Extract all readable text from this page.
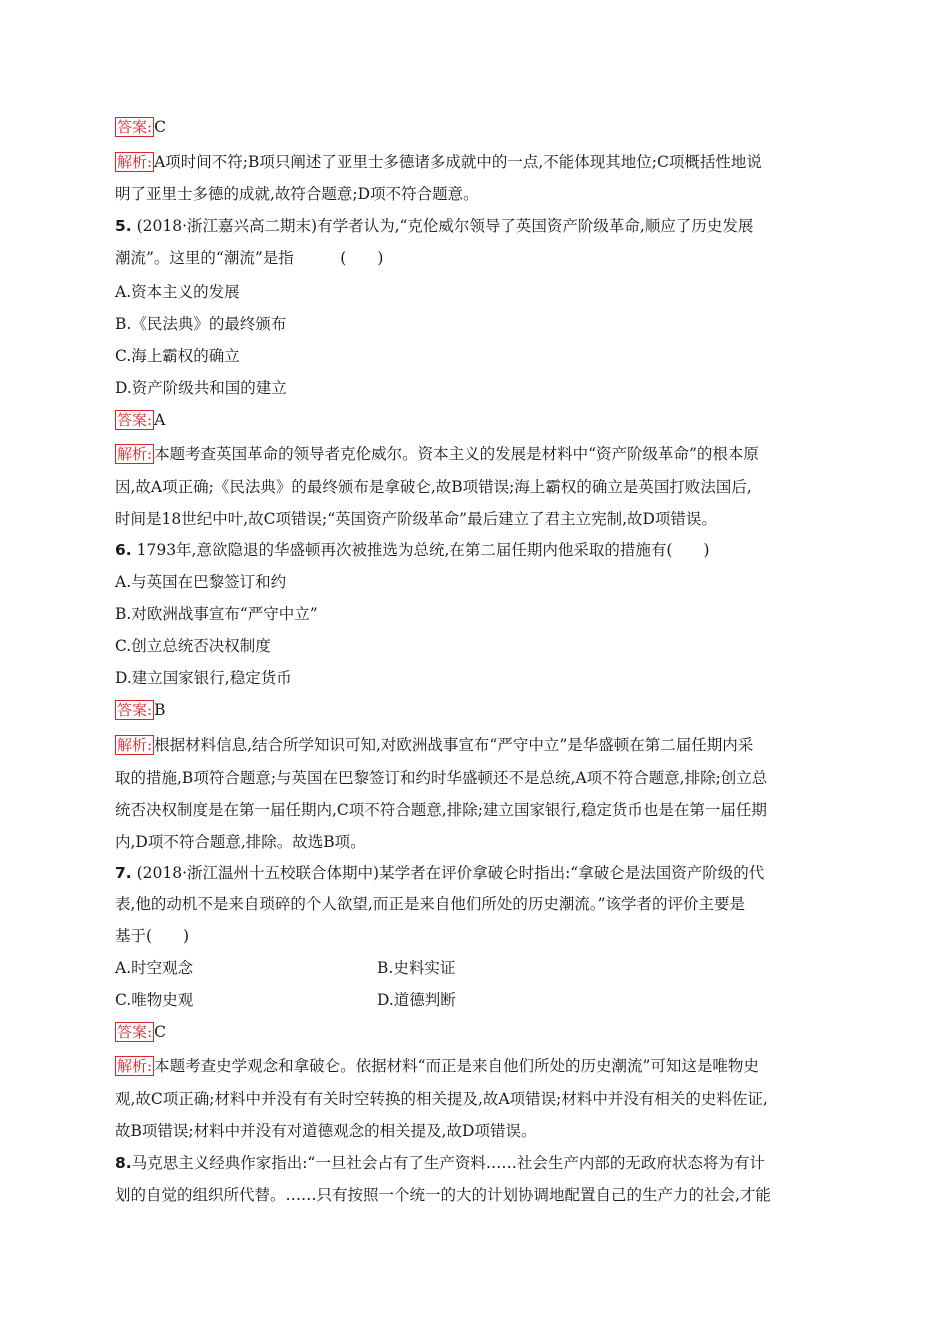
答案: C
解析: A项时间不符;B项只阐述了亚里士多德诸多成就中的一点,不能体现其地位;C项概括性地说
明了亚里士多德的成就,故符合题意;D项不符合题意。
5. (2018·浙江嘉兴高二期末)有学者认为,“克伦威尔领导了英国资产阶级革命,顺应了历史发展
潮流”。这里的“潮流”是指　　　(　　)
A.资本主义的发展
B.《民法典》的最终颁布
C.海上霸权的确立
D.资产阶级共和国的建立
答案: A
解析: 本题考查英国革命的领导者克伦威尔。资本主义的发展是材料中“资产阶级革命”的根本原
因,故A项正确;《民法典》的最终颁布是拿破仑,故B项错误;海上霸权的确立是英国打败法国后,
时间是18世纪中叶,故C项错误;“英国资产阶级革命”最后建立了君主立宪制,故D项错误。
6. 1793年,意欲隐退的华盛顿再次被推选为总统,在第二届任期内他采取的措施有(　　)
A.与英国在巴黎签订和约
B.对欧洲战事宣布“严守中立”
C.创立总统否决权制度
D.建立国家银行,稳定货币
答案: B
解析: 根据材料信息,结合所学知识可知,对欧洲战事宣布“严守中立”是华盛顿在第二届任期内采
取的措施,B项符合题意;与英国在巴黎签订和约时华盛顿还不是总统,A项不符合题意,排除;创立总
统否决权制度是在第一届任期内,C项不符合题意,排除;建立国家银行,稳定货币也是在第一届任期
内,D项不符合题意,排除。故选B项。
7. (2018·浙江温州十五校联合体期中)某学者在评价拿破仑时指出:“拿破仑是法国资产阶级的代
表,他的动机不是来自琐碎的个人欲望,而正是来自他们所处的历史潮流。”该学者的评价主要是
基于(　　)
A.时空观念	B.史料实证
C.唯物史观	D.道德判断
答案: C
解析: 本题考查史学观念和拿破仑。依据材料“而正是来自他们所处的历史潮流”可知这是唯物史
观,故C项正确;材料中并没有有关时空转换的相关提及,故A项错误;材料中并没有相关的史料佐证,
故B项错误;材料中并没有对道德观念的相关提及,故D项错误。
8.马克思主义经典作家指出:“一旦社会占有了生产资料……社会生产内部的无政府状态将为有计
划的自觉的组织所代替。……只有按照一个统一的大的计划协调地配置自己的生产力的社会,才能
